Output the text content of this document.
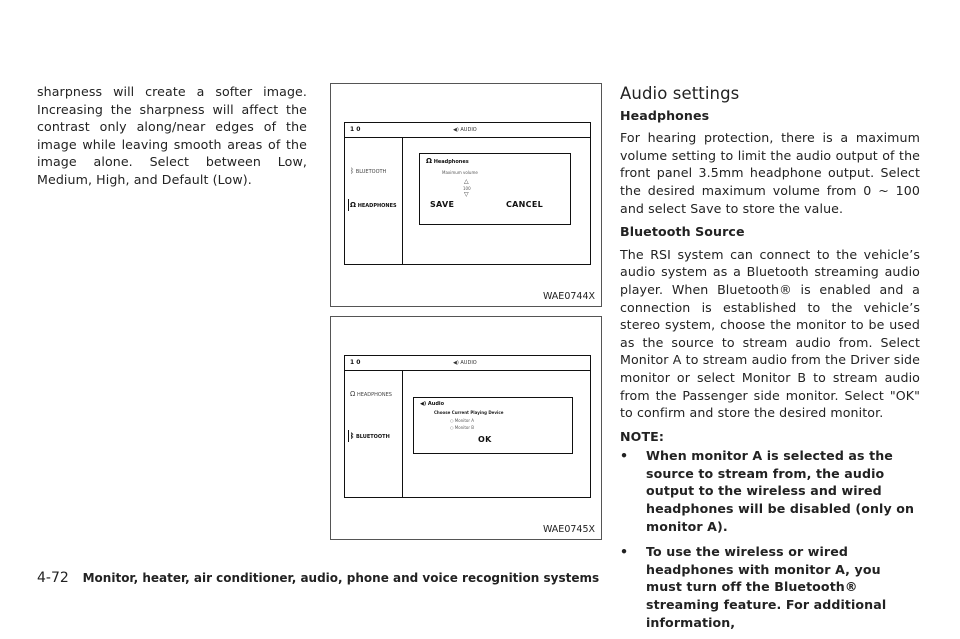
sharpness will create a softer image. Increasing the sharpness will affect the contrast only along/near edges of the image while leaving smooth areas of the image alone. Select between Low, Medium, High, and Default (Low).
1 0	◀) AUDIO
ᛒ BLUETOOTH
Ω HEADPHONES
Ω Headphones
Maximum volume
△
100
▽
SAVE	CANCEL
WAE0744X
1 0	◀) AUDIO
Ω HEADPHONES
ᛒ BLUETOOTH
◀) Audio
Choose Current Playing Device
○ Monitor A
○ Monitor B
OK
WAE0745X
Audio settings
Headphones

For hearing protection, there is a maximum volume setting to limit the audio output of the front panel 3.5mm headphone output. Select the desired maximum volume from 0 ~ 100 and select Save to store the value.

Bluetooth Source

The RSI system can connect to the vehicle’s audio system as a Bluetooth streaming audio player. When Bluetooth® is enabled and a connection is established to the vehicle’s stereo system, choose the monitor to be used as the source to stream audio from. Select Monitor A to stream audio from the Driver side monitor or select Monitor B to stream audio from the Passenger side monitor. Select "OK" to confirm and store the desired monitor.

NOTE:
• When monitor A is selected as the source to stream from, the audio output to the wireless and wired headphones will be disabled (only on monitor A).
• To use the wireless or wired headphones with monitor A, you must turn off the Bluetooth® streaming feature. For additional information,
4-72 Monitor, heater, air conditioner, audio, phone and voice recognition systems
